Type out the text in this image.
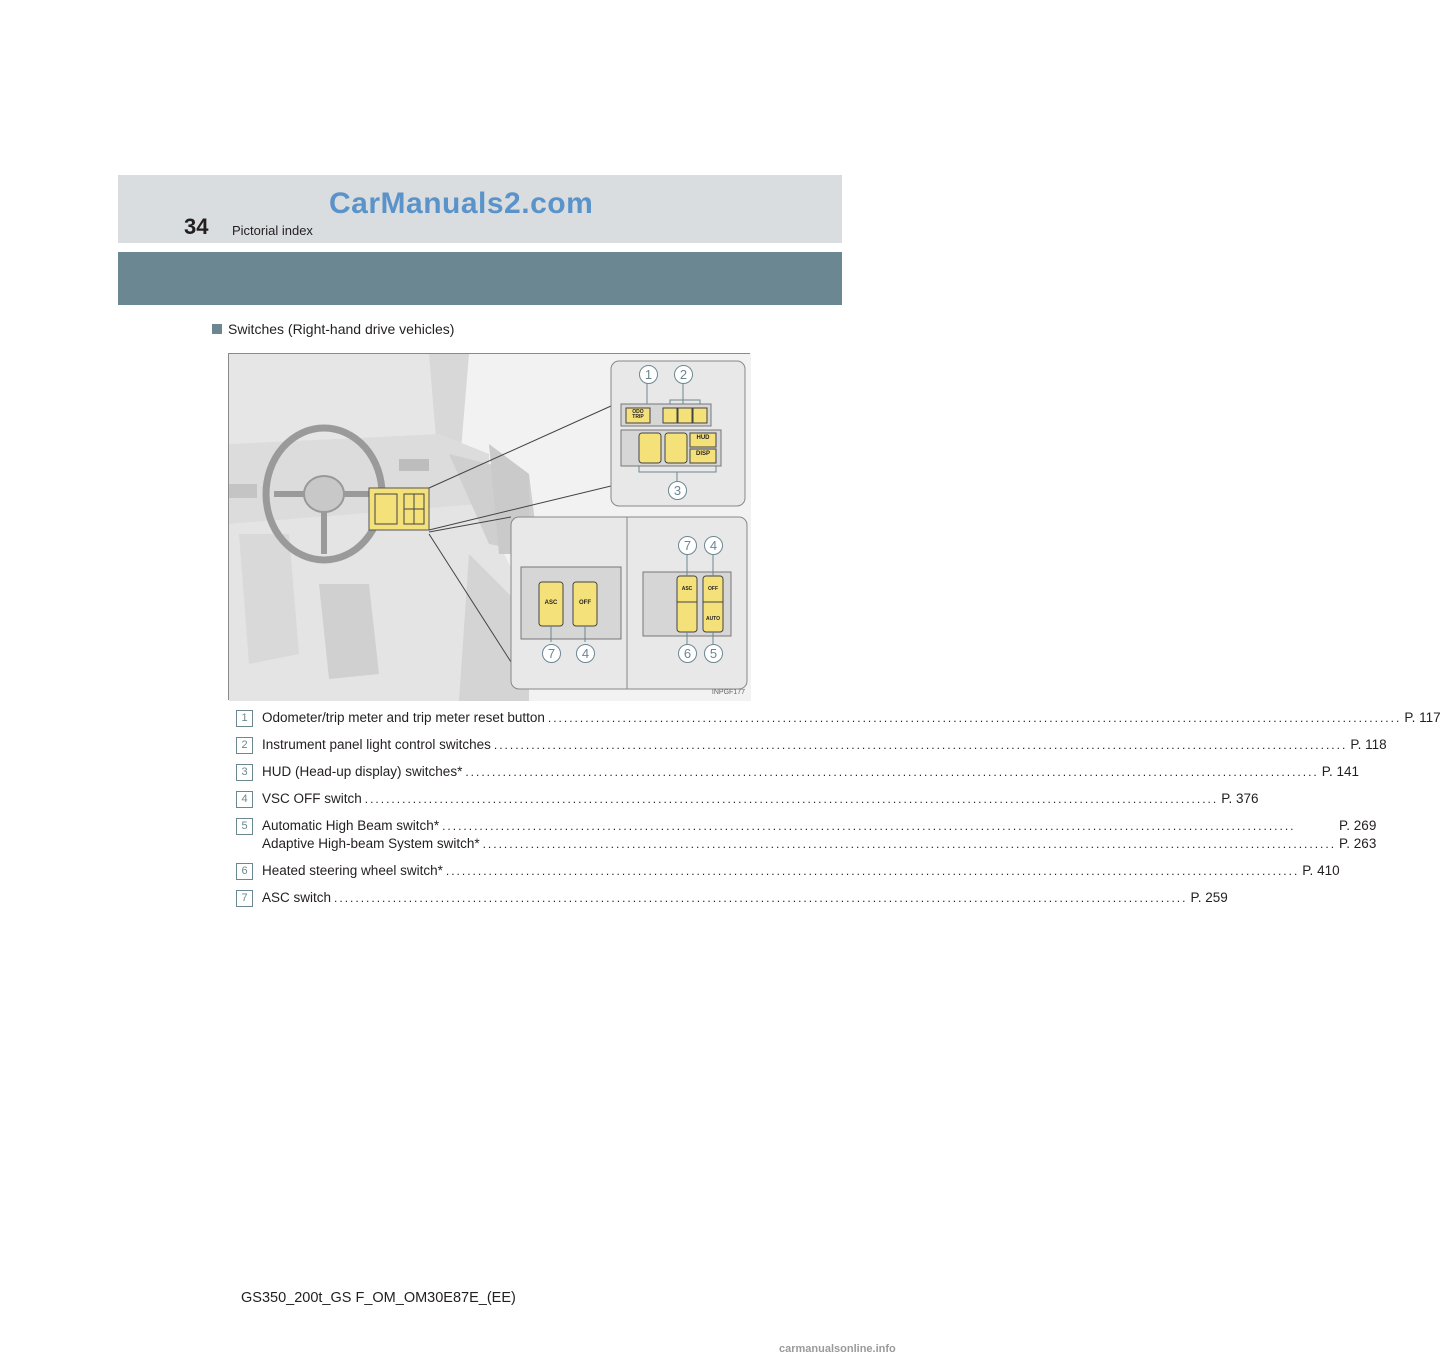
CarManuals2.com
34 Pictorial index
Switches (Right-hand drive vehicles)
ODO TRIP
HUD
DISP
ASC	OFF
ASC	OFF
AUTO
1	2
3
7	4
6	5
7	4
INPGF177
1	Odometer/trip meter and trip meter reset button .....	P. 117
2	Instrument panel light control switches .....	P. 118
3	HUD (Head-up display) switches* .....	P. 141
4	VSC OFF switch .....	P. 376
5	Automatic High Beam switch* .....	P. 269
Adaptive High-beam System switch* .....	P. 263
6	Heated steering wheel switch* .....	P. 410
7	ASC switch .....	P. 259
GS350_200t_GS F_OM_OM30E87E_(EE)
carmanualsonline.info
